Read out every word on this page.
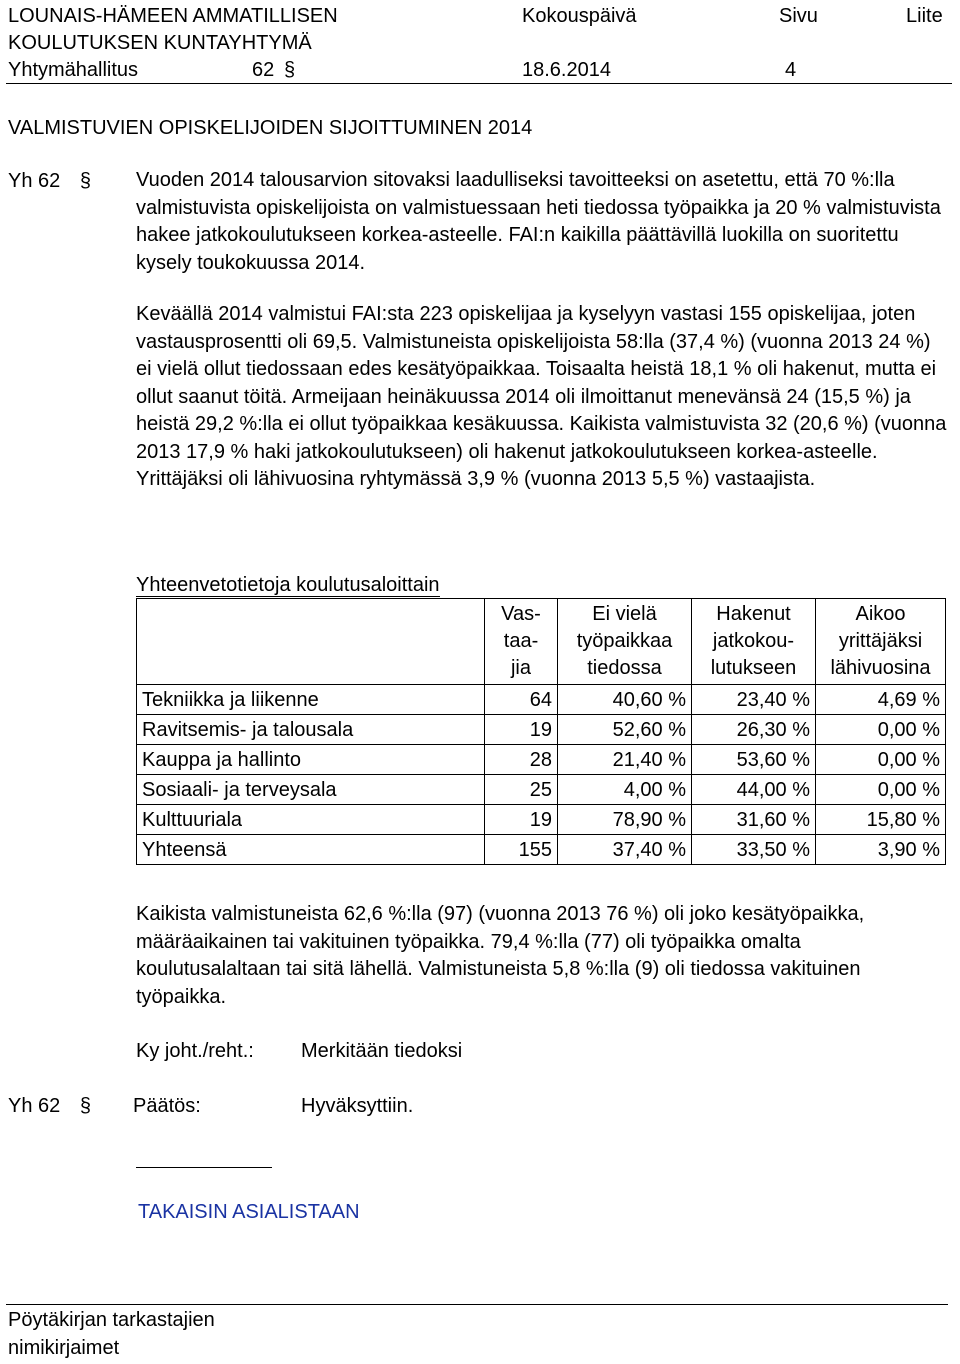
LOUNAIS-HÄMEEN AMMATILLISEN
KOULUTUKSEN KUNTAYHTYMÄ
Kokouspäivä	Sivu	Liite
Yhtymähallitus	62 §	18.6.2014	4
VALMISTUVIEN OPISKELIJOIDEN SIJOITTUMINEN 2014
Yh 62 § Vuoden 2014 talousarvion sitovaksi laadulliseksi tavoitteeksi on asetettu, että 70 %:lla valmistuvista opiskelijoista on valmistuessaan heti tiedossa työpaikka ja 20 % valmistuvista hakee jatkokoulutukseen korkea-asteelle. FAI:n kaikilla päättävillä luokilla on suoritettu kysely toukokuussa 2014.

Keväällä 2014 valmistui FAI:sta 223 opiskelijaa ja kyselyyn vastasi 155 opiskelijaa, joten vastausprosentti oli 69,5. Valmistuneista opiskelijoista 58:lla (37,4 %) (vuonna 2013 24 %) ei vielä ollut tiedossaan edes kesätyöpaikkaa. Toisaalta heistä 18,1 % oli hakenut, mutta ei ollut saanut töitä. Armeijaan heinäkuussa 2014 oli ilmoittanut menevänsä 24 (15,5 %) ja heistä 29,2 %:lla ei ollut työpaikkaa kesäkuussa. Kaikista valmistuvista 32 (20,6 %) (vuonna 2013 17,9 % haki jatkokoulutukseen) oli hakenut jatkokoulutukseen korkea-asteelle. Yrittäjäksi oli lähivuosina ryhtymässä 3,9 % (vuonna 2013 5,5 %) vastaajista.

Yhteenvetotietoja koulutusaloittain
	Vas-
taa-
jia	Ei vielä
työpaikkaa
tiedossa	Hakenut
jatkokou-
lutukseen	Aikoo
yrittäjäksi
lähivuosina
Tekniikka ja liikenne	64	40,60 %	23,40 %	4,69 %
Ravitsemis- ja talousala	19	52,60 %	26,30 %	0,00 %
Kauppa ja hallinto	28	21,40 %	53,60 %	0,00 %
Sosiaali- ja terveysala	25	4,00 %	44,00 %	0,00 %
Kulttuuriala	19	78,90 %	31,60 %	15,80 %
Yhteensä	155	37,40 %	33,50 %	3,90 %

Kaikista valmistuneista 62,6 %:lla (97) (vuonna 2013 76 %) oli joko kesätyöpaikka, määräaikainen tai vakituinen työpaikka. 79,4 %:lla (77) oli työpaikka omalta koulutusalaltaan tai sitä lähellä. Valmistuneista 5,8 %:lla (9) oli tiedossa vakituinen työpaikka.

Ky joht./reht.: Merkitään tiedoksi
Yh 62 § Päätös:	Hyväksyttiin.
TAKAISIN ASIALISTAAN
Pöytäkirjan tarkastajien
nimikirjaimet
